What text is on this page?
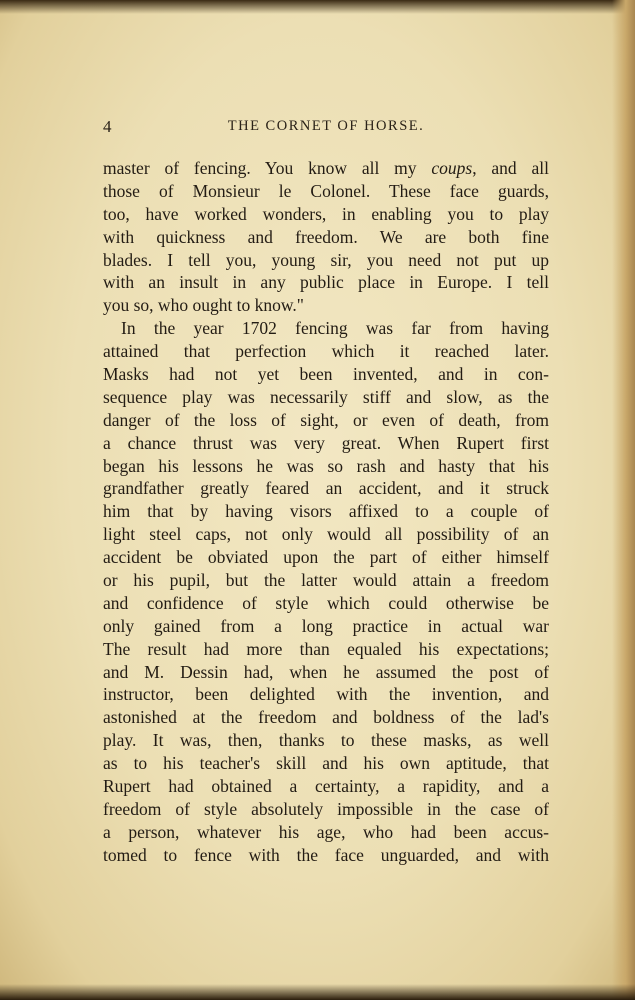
4	THE CORNET OF HORSE.
master of fencing. You know all my coups, and all
those of Monsieur le Colonel. These face guards,
too, have worked wonders, in enabling you to play
with quickness and freedom. We are both fine
blades. I tell you, young sir, you need not put up
with an insult in any public place in Europe. I tell
you so, who ought to know."
In the year 1702 fencing was far from having
attained that perfection which it reached later.
Masks had not yet been invented, and in con-
sequence play was necessarily stiff and slow, as the
danger of the loss of sight, or even of death, from
a chance thrust was very great. When Rupert first
began his lessons he was so rash and hasty that his
grandfather greatly feared an accident, and it struck
him that by having visors affixed to a couple of
light steel caps, not only would all possibility of an
accident be obviated upon the part of either himself
or his pupil, but the latter would attain a freedom
and confidence of style which could otherwise be
only gained from a long practice in actual war
The result had more than equaled his expectations;
and M. Dessin had, when he assumed the post of
instructor, been delighted with the invention, and
astonished at the freedom and boldness of the lad's
play. It was, then, thanks to these masks, as well
as to his teacher's skill and his own aptitude, that
Rupert had obtained a certainty, a rapidity, and a
freedom of style absolutely impossible in the case of
a person, whatever his age, who had been accus-
tomed to fence with the face unguarded, and with
